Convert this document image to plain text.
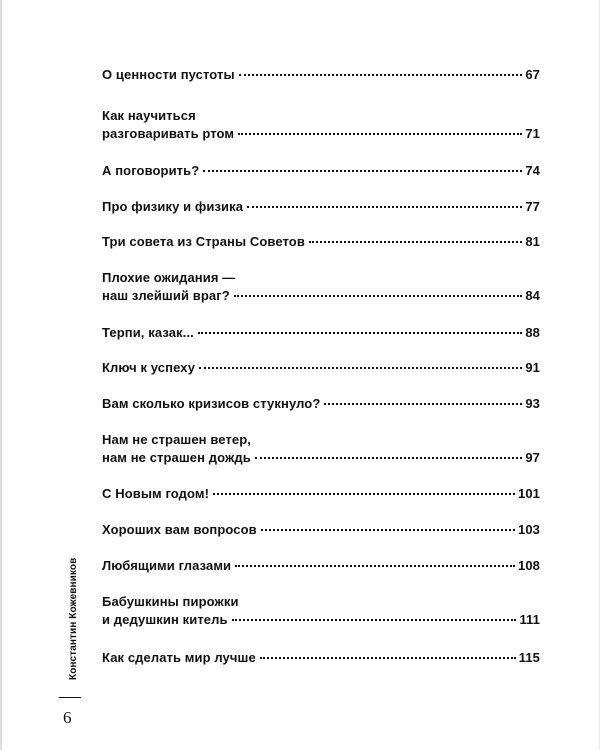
О ценности пустоты	67
Как научиться
разговаривать ртом	71
А поговорить?	74
Про физику и физика	77
Три совета из Страны Советов	81
Плохие ожидания —
наш злейший враг?	84
Терпи, казак...	88
Ключ к успеху	91
Вам сколько кризисов стукнуло?	93
Нам не страшен ветер,
нам не страшен дождь	97
С Новым годом!	101
Хороших вам вопросов	103
Любящими глазами	108
Бабушкины пирожки
и дедушкин китель	111
Как сделать мир лучше	115
Константин Кожевников
6
